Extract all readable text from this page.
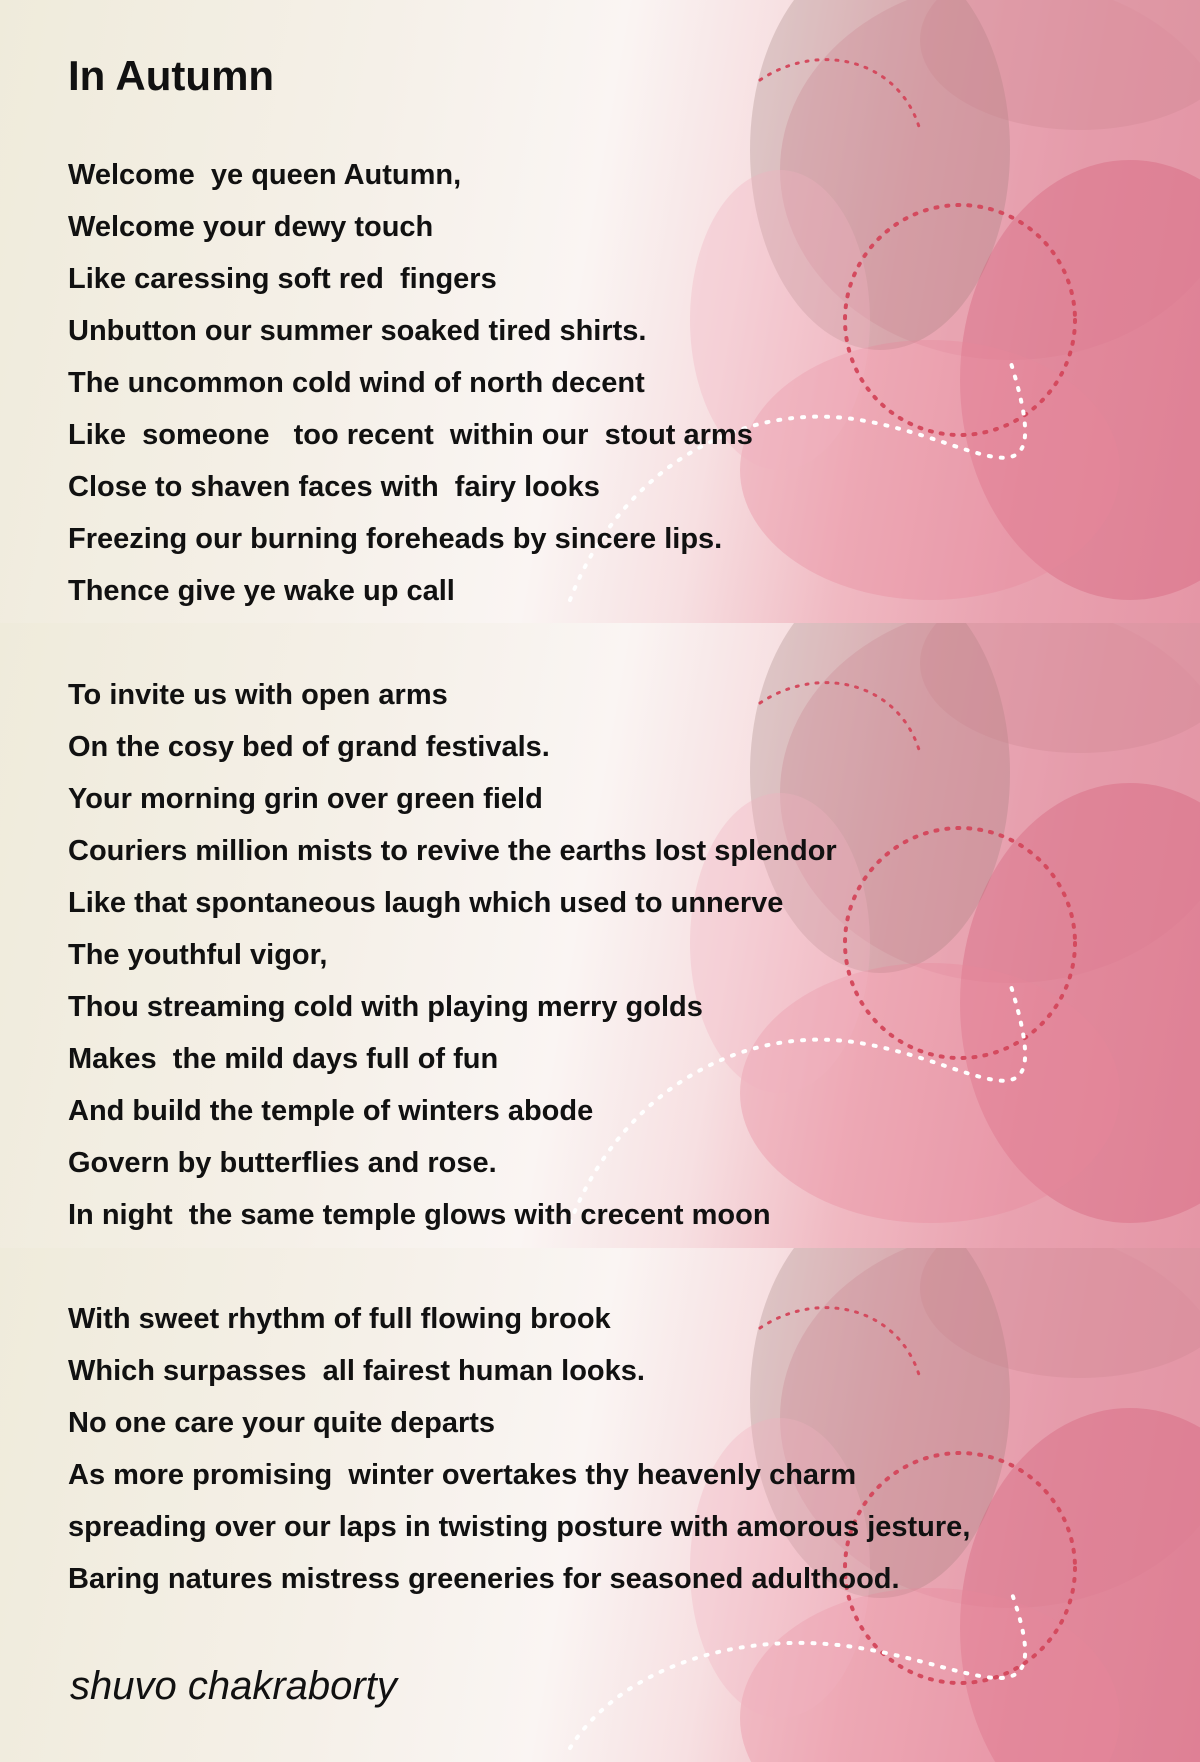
In Autumn
Welcome  ye queen Autumn,
Welcome your dewy touch
Like caressing soft red  fingers
Unbutton our summer soaked tired shirts.
The uncommon cold wind of north decent
Like  someone   too recent  within our  stout arms
Close to shaven faces with  fairy looks
Freezing our burning foreheads by sincere lips.
Thence give ye wake up call
To invite us with open arms
On the cosy bed of grand festivals.
Your morning grin over green field
Couriers million mists to revive the earths lost splendor
Like that spontaneous laugh which used to unnerve
The youthful vigor,
Thou streaming cold with playing merry golds
Makes  the mild days full of fun
And build the temple of winters abode
Govern by butterflies and rose.
In night  the same temple glows with crecent moon
With sweet rhythm of full flowing brook
Which surpasses  all fairest human looks.
No one care your quite departs
As more promising  winter overtakes thy heavenly charm
spreading over our laps in twisting posture with amorous jesture,
Baring natures mistress greeneries for seasoned adulthood.
shuvo chakraborty
